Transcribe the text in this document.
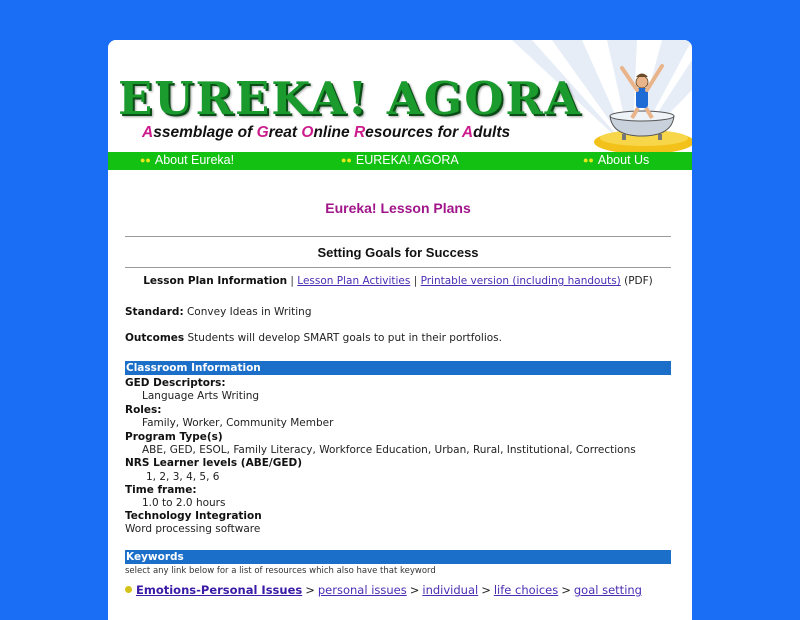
EUREKA! AGORA
Assemblage of Great Online Resources for Adults
●● About Eureka!	●● EUREKA! AGORA	●● About Us
Eureka! Lesson Plans
Setting Goals for Success
Lesson Plan Information | Lesson Plan Activities | Printable version (including handouts) (PDF)
Standard: Convey Ideas in Writing
Outcomes Students will develop SMART goals to put in their portfolios.
Classroom Information
GED Descriptors:
Language Arts Writing
Roles:
Family, Worker, Community Member
Program Type(s)
ABE, GED, ESOL, Family Literacy, Workforce Education, Urban, Rural, Institutional, Corrections
NRS Learner levels (ABE/GED)
1, 2, 3, 4, 5, 6
Time frame:
1.0 to 2.0 hours
Technology Integration
Word processing software
Keywords
select any link below for a list of resources which also have that keyword
Emotions-Personal Issues > personal issues > individual > life choices > goal setting
